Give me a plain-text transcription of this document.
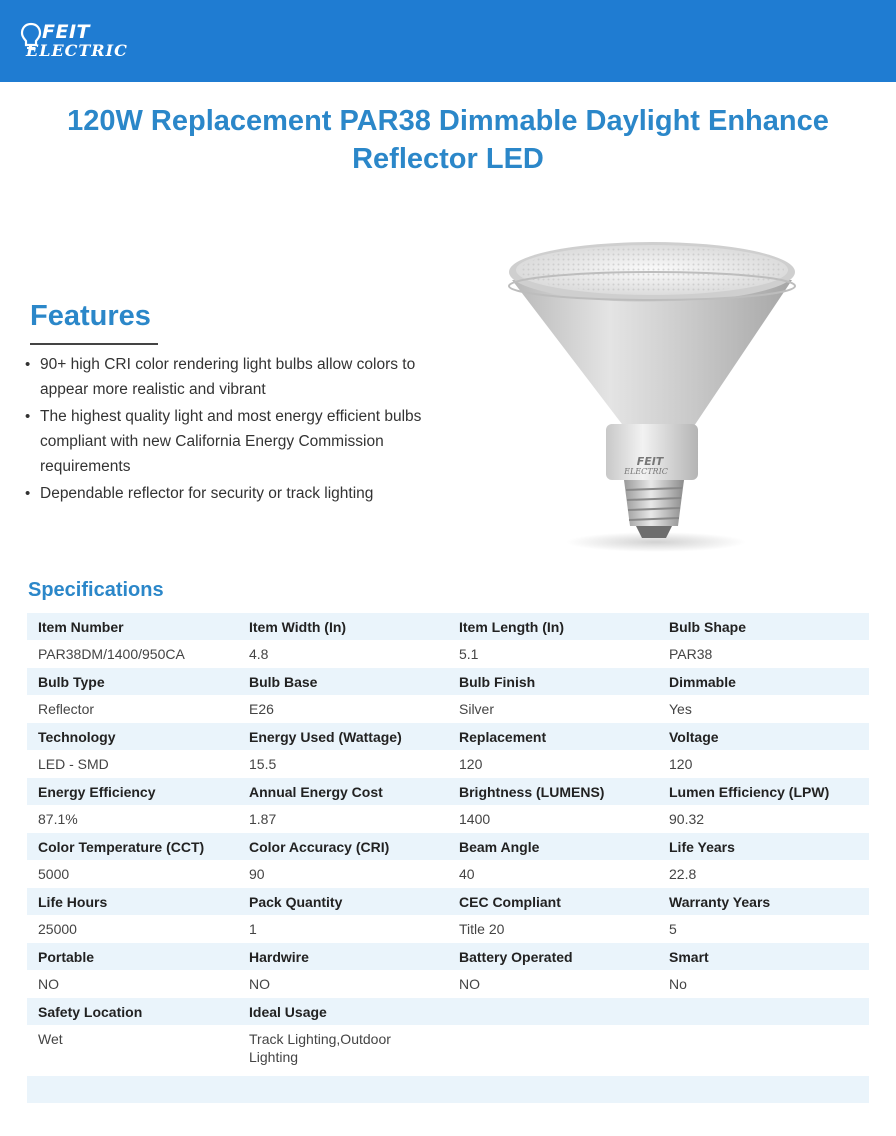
FEIT
ELECTRIC
120W Replacement PAR38 Dimmable Daylight Enhance Reflector LED
Features
• 90+ high CRI color rendering light bulbs allow colors to appear more realistic and vibrant
• The highest quality light and most energy efficient bulbs compliant with new California Energy Commission requirements
• Dependable reflector for security or track lighting
FEIT
ELECTRIC
Specifications
Item Number	Item Width (In)	Item Length (In)	Bulb Shape
PAR38DM/1400/950CA	4.8	5.1	PAR38
Bulb Type	Bulb Base	Bulb Finish	Dimmable
Reflector	E26	Silver	Yes
Technology	Energy Used (Wattage)	Replacement	Voltage
LED - SMD	15.5	120	120
Energy Efficiency	Annual Energy Cost	Brightness (LUMENS)	Lumen Efficiency (LPW)
87.1%	1.87	1400	90.32
Color Temperature (CCT)	Color Accuracy (CRI)	Beam Angle	Life Years
5000	90	40	22.8
Life Hours	Pack Quantity	CEC Compliant	Warranty Years
25000	1	Title 20	5
Portable	Hardwire	Battery Operated	Smart
NO	NO	NO	No
Safety Location	Ideal Usage		
Wet	Track Lighting,Outdoor Lighting		
